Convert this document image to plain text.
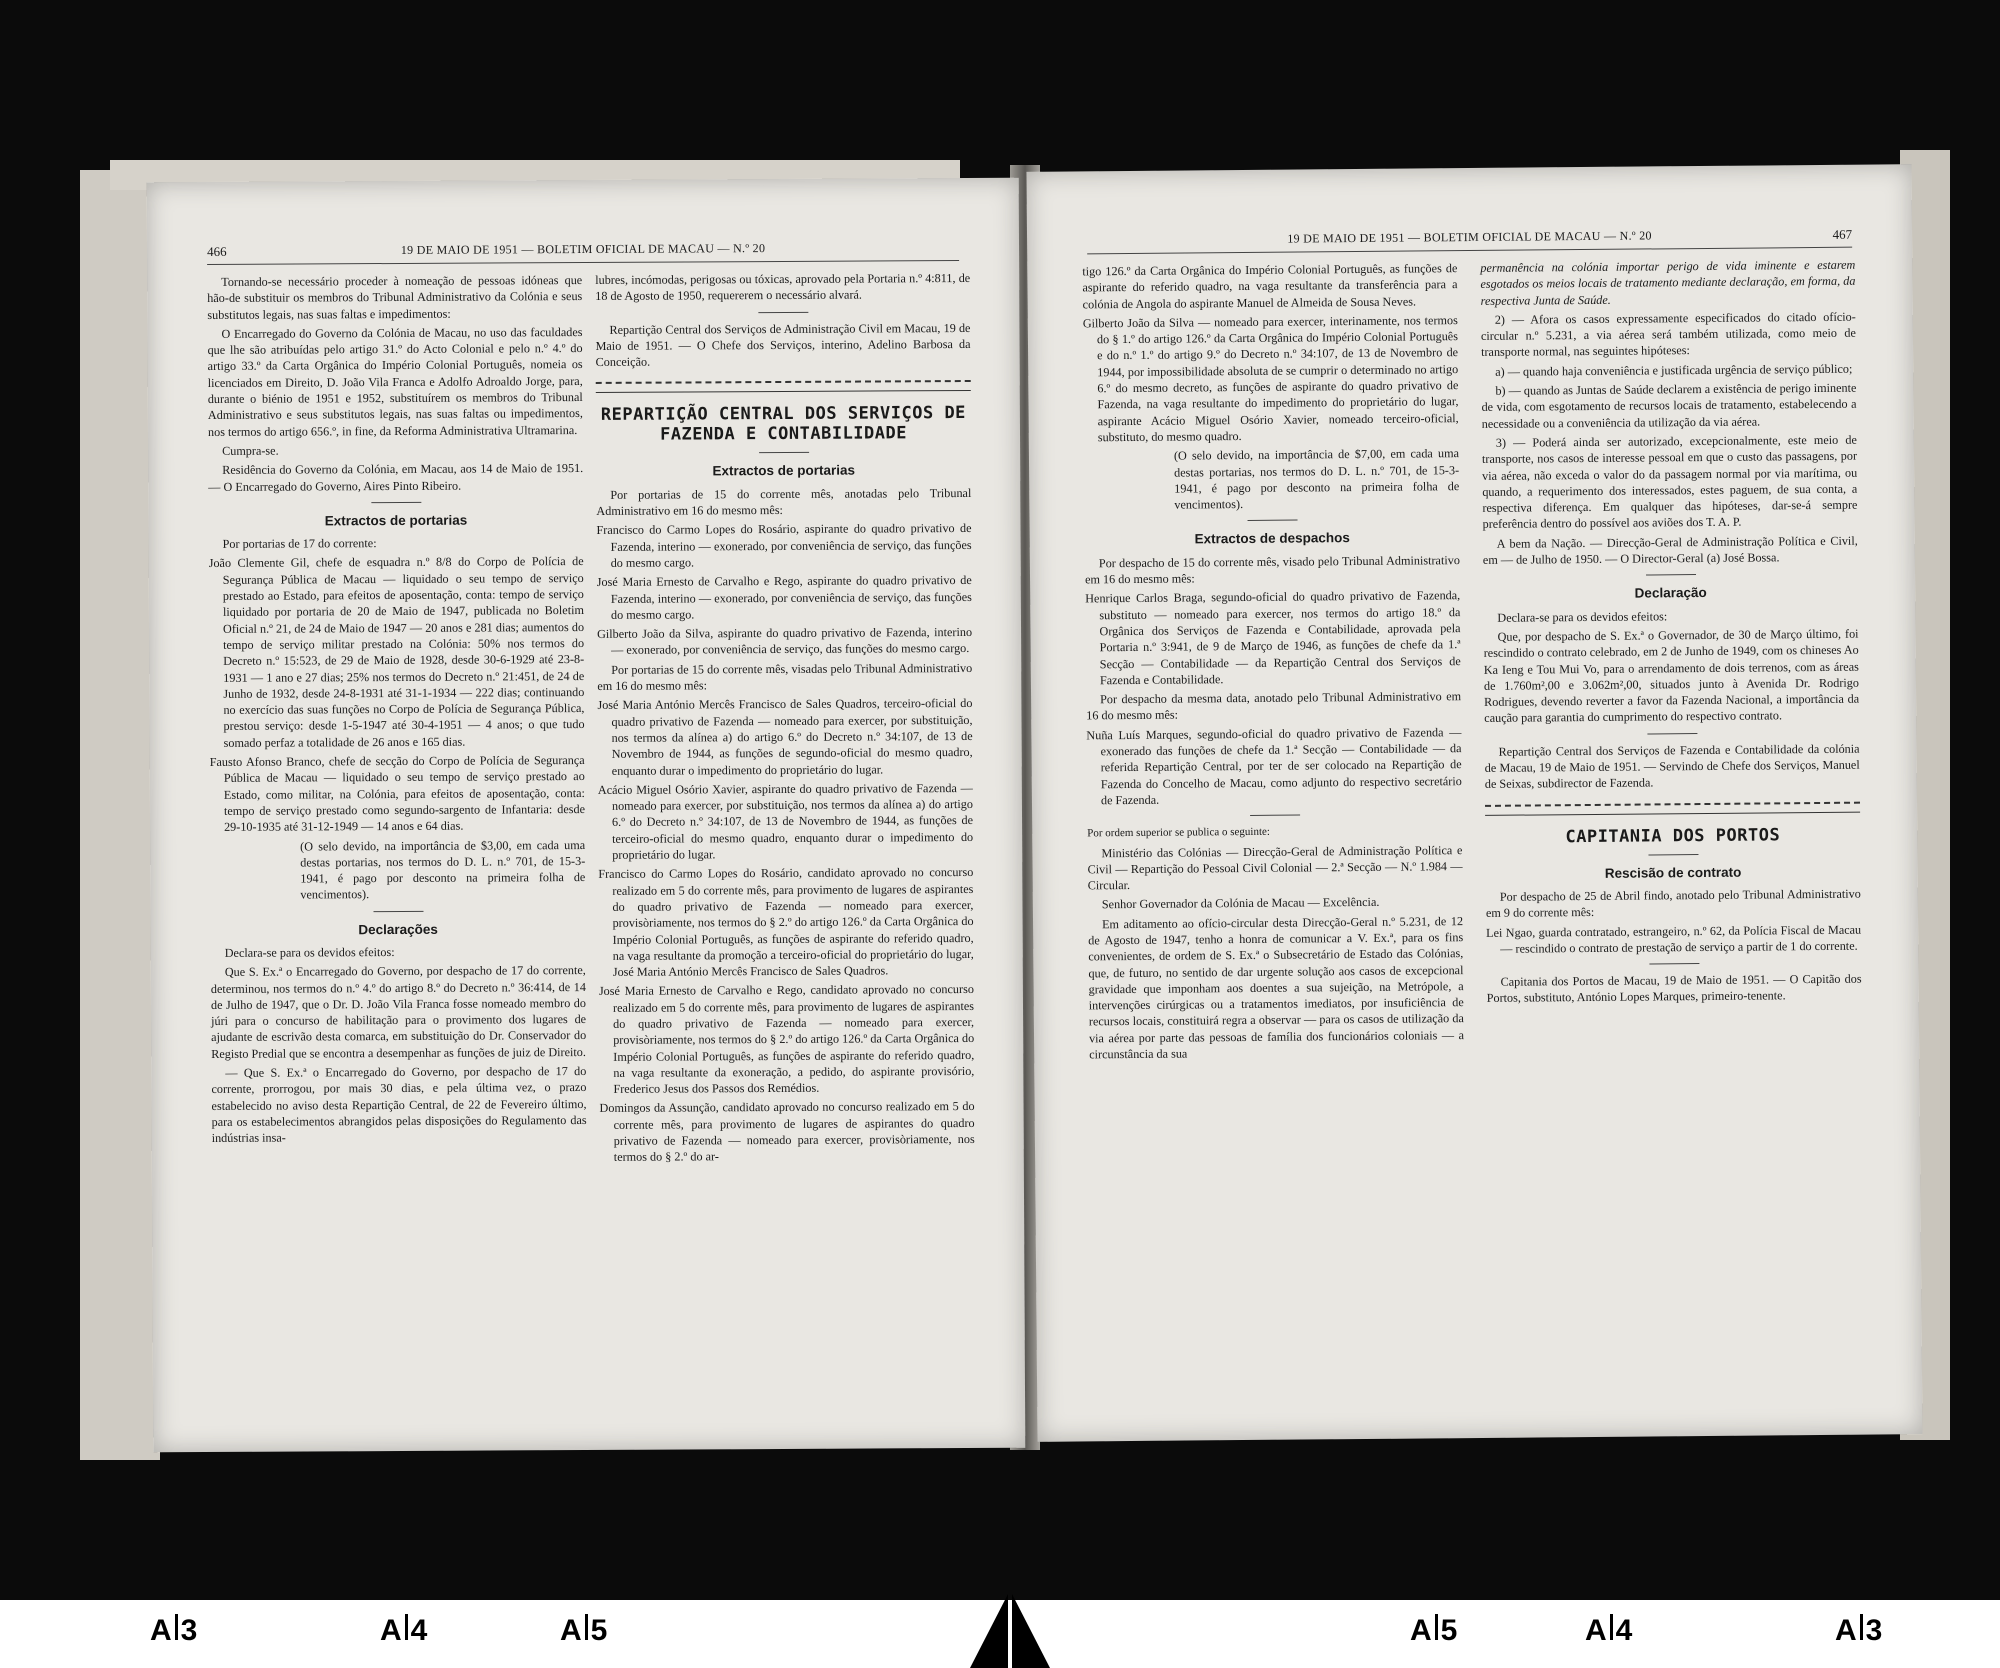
466	19 DE MAIO DE 1951 — BOLETIM OFICIAL DE MACAU — N.º 20

Tornando-se necessário proceder à nomeação de pessoas idóneas que hão-de substituir os membros do Tribunal Administrativo da Colónia e seus substitutos legais, nas suas faltas e impedimentos:

O Encarregado do Governo da Colónia de Macau, no uso das faculdades que lhe são atribuídas pelo artigo 31.º do Acto Colonial e pelo n.º 4.º do artigo 33.º da Carta Orgânica do Império Colonial Português, nomeia os licenciados em Direito, D. João Vila Franca e Adolfo Adroaldo Jorge, para, durante o biénio de 1951 e 1952, substituírem os membros do Tribunal Administrativo e seus substitutos legais, nas suas faltas ou impedimentos, nos termos do artigo 656.º, in fine, da Reforma Administrativa Ultramarina.

Cumpra-se.

Residência do Governo da Colónia, em Macau, aos 14 de Maio de 1951. — O Encarregado do Governo, Aires Pinto Ribeiro.

Extractos de portarias

Por portarias de 17 do corrente:

João Clemente Gil, chefe de esquadra n.º 8/8 do Corpo de Polícia de Segurança Pública de Macau — liquidado o seu tempo de serviço prestado ao Estado, para efeitos de aposentação, conta: tempo de serviço liquidado por portaria de 20 de Maio de 1947, publicada no Boletim Oficial n.º 21, de 24 de Maio de 1947 — 20 anos e 281 dias; aumentos do tempo de serviço militar prestado na Colónia: 50% nos termos do Decreto n.º 15:523, de 29 de Maio de 1928, desde 30-6-1929 até 23-8-1931 — 1 ano e 27 dias; 25% nos termos do Decreto n.º 21:451, de 24 de Junho de 1932, desde 24-8-1931 até 31-1-1934 — 222 dias; continuando no exercício das suas funções no Corpo de Polícia de Segurança Pública, prestou serviço: desde 1-5-1947 até 30-4-1951 — 4 anos; o que tudo somado perfaz a totalidade de 26 anos e 165 dias.

Fausto Afonso Branco, chefe de secção do Corpo de Polícia de Segurança Pública de Macau — liquidado o seu tempo de serviço prestado ao Estado, como militar, na Colónia, para efeitos de aposentação, conta: tempo de serviço prestado como segundo-sargento de Infantaria: desde 29-10-1935 até 31-12-1949 — 14 anos e 64 dias.

(O selo devido, na importância de $3,00, em cada uma destas portarias, nos termos do D. L. n.º 701, de 15-3-1941, é pago por desconto na primeira folha de vencimentos).

Declarações

Declara-se para os devidos efeitos:

Que S. Ex.ª o Encarregado do Governo, por despacho de 17 do corrente, determinou, nos termos do n.º 4.º do artigo 8.º do Decreto n.º 36:414, de 14 de Julho de 1947, que o Dr. D. João Vila Franca fosse nomeado membro do júri para o concurso de habilitação para o provimento dos lugares de ajudante de escrivão desta comarca, em substituição do Dr. Conservador do Registo Predial que se encontra a desempenhar as funções de juiz de Direito.

— Que S. Ex.ª o Encarregado do Governo, por despacho de 17 do corrente, prorrogou, por mais 30 dias, e pela última vez, o prazo estabelecido no aviso desta Repartição Central, de 22 de Fevereiro último, para os estabelecimentos abrangidos pelas disposições do Regulamento das indústrias insa-

lubres, incómodas, perigosas ou tóxicas, aprovado pela Portaria n.º 4:811, de 18 de Agosto de 1950, requererem o necessário alvará.

Repartição Central dos Serviços de Administração Civil em Macau, 19 de Maio de 1951. — O Chefe dos Serviços, interino, Adelino Barbosa da Conceição.

REPARTIÇÃO CENTRAL DOS SERVIÇOS DE FAZENDA E CONTABILIDADE
Extractos de portarias

Por portarias de 15 do corrente mês, anotadas pelo Tribunal Administrativo em 16 do mesmo mês:

Francisco do Carmo Lopes do Rosário, aspirante do quadro privativo de Fazenda, interino — exonerado, por conveniência de serviço, das funções do mesmo cargo.

José Maria Ernesto de Carvalho e Rego, aspirante do quadro privativo de Fazenda, interino — exonerado, por conveniência de serviço, das funções do mesmo cargo.

Gilberto João da Silva, aspirante do quadro privativo de Fazenda, interino — exonerado, por conveniência de serviço, das funções do mesmo cargo.

Por portarias de 15 do corrente mês, visadas pelo Tribunal Administrativo em 16 do mesmo mês:

José Maria António Mercês Francisco de Sales Quadros, terceiro-oficial do quadro privativo de Fazenda — nomeado para exercer, por substituição, nos termos da alínea a) do artigo 6.º do Decreto n.º 34:107, de 13 de Novembro de 1944, as funções de segundo-oficial do mesmo quadro, enquanto durar o impedimento do proprietário do lugar.

Acácio Miguel Osório Xavier, aspirante do quadro privativo de Fazenda — nomeado para exercer, por substituição, nos termos da alínea a) do artigo 6.º do Decreto n.º 34:107, de 13 de Novembro de 1944, as funções de terceiro-oficial do mesmo quadro, enquanto durar o impedimento do proprietário do lugar.

Francisco do Carmo Lopes do Rosário, candidato aprovado no concurso realizado em 5 do corrente mês, para provimento de lugares de aspirantes do quadro privativo de Fazenda — nomeado para exercer, provisòriamente, nos termos do § 2.º do artigo 126.º da Carta Orgânica do Império Colonial Português, as funções de aspirante do referido quadro, na vaga resultante da promoção a terceiro-oficial do proprietário do lugar, José Maria António Mercês Francisco de Sales Quadros.

José Maria Ernesto de Carvalho e Rego, candidato aprovado no concurso realizado em 5 do corrente mês, para provimento de lugares de aspirantes do quadro privativo de Fazenda — nomeado para exercer, provisòriamente, nos termos do § 2.º do artigo 126.º da Carta Orgânica do Império Colonial Português, as funções de aspirante do referido quadro, na vaga resultante da exoneração, a pedido, do aspirante provisório, Frederico Jesus dos Passos dos Remédios.

Domingos da Assunção, candidato aprovado no concurso realizado em 5 do corrente mês, para provimento de lugares de aspirantes do quadro privativo de Fazenda — nomeado para exercer, provisòriamente, nos termos do § 2.º do ar-

19 DE MAIO DE 1951 — BOLETIM OFICIAL DE MACAU — N.º 20	467

tigo 126.º da Carta Orgânica do Império Colonial Português, as funções de aspirante do referido quadro, na vaga resultante da transferência para a colónia de Angola do aspirante Manuel de Almeida de Sousa Neves.

Gilberto João da Silva — nomeado para exercer, interinamente, nos termos do § 1.º do artigo 126.º da Carta Orgânica do Império Colonial Português e do n.º 1.º do artigo 9.º do Decreto n.º 34:107, de 13 de Novembro de 1944, por impossibilidade absoluta de se cumprir o determinado no artigo 6.º do mesmo decreto, as funções de aspirante do quadro privativo de Fazenda, na vaga resultante do impedimento do proprietário do lugar, aspirante Acácio Miguel Osório Xavier, nomeado terceiro-oficial, substituto, do mesmo quadro.

(O selo devido, na importância de $7,00, em cada uma destas portarias, nos termos do D. L. n.º 701, de 15-3-1941, é pago por desconto na primeira folha de vencimentos).

Extractos de despachos

Por despacho de 15 do corrente mês, visado pelo Tribunal Administrativo em 16 do mesmo mês:

Henrique Carlos Braga, segundo-oficial do quadro privativo de Fazenda, substituto — nomeado para exercer, nos termos do artigo 18.º da Orgânica dos Serviços de Fazenda e Contabilidade, aprovada pela Portaria n.º 3:941, de 9 de Março de 1946, as funções de chefe da 1.ª Secção — Contabilidade — da Repartição Central dos Serviços de Fazenda e Contabilidade.

Por despacho da mesma data, anotado pelo Tribunal Administrativo em 16 do mesmo mês:

Nuña Luís Marques, segundo-oficial do quadro privativo de Fazenda — exonerado das funções de chefe da 1.ª Secção — Contabilidade — da referida Repartição Central, por ter de ser colocado na Repartição de Fazenda do Concelho de Macau, como adjunto do respectivo secretário de Fazenda.

Por ordem superior se publica o seguinte:

Ministério das Colónias — Direcção-Geral de Administração Política e Civil — Repartição do Pessoal Civil Colonial — 2.ª Secção — N.º 1.984 — Circular.

Senhor Governador da Colónia de Macau — Excelência.

Em aditamento ao ofício-circular desta Direcção-Geral n.º 5.231, de 12 de Agosto de 1947, tenho a honra de comunicar a V. Ex.ª, para os fins convenientes, de ordem de S. Ex.ª o Subsecretário de Estado das Colónias, que, de futuro, no sentido de dar urgente solução aos casos de excepcional gravidade que imponham aos doentes a sua sujeição, na Metrópole, a intervenções cirúrgicas ou a tratamentos imediatos, por insuficiência de recursos locais, constituirá regra a observar — para os casos de utilização da via aérea por parte das pessoas de família dos funcionários coloniais — a circunstância da sua

permanência na colónia importar perigo de vida iminente e estarem esgotados os meios locais de tratamento mediante declaração, em forma, da respectiva Junta de Saúde.

2) — Afora os casos expressamente especificados do citado ofício-circular n.º 5.231, a via aérea será também utilizada, como meio de transporte normal, nas seguintes hipóteses:

a) — quando haja conveniência e justificada urgência de serviço público;

b) — quando as Juntas de Saúde declarem a existência de perigo iminente de vida, com esgotamento de recursos locais de tratamento, estabelecendo a necessidade ou a conveniência da utilização da via aérea.

3) — Poderá ainda ser autorizado, excepcionalmente, este meio de transporte, nos casos de interesse pessoal em que o custo das passagens, por via aérea, não exceda o valor do da passagem normal por via marítima, ou quando, a requerimento dos interessados, estes paguem, de sua conta, a respectiva diferença. Em qualquer das hipóteses, dar-se-á sempre preferência dentro do possível aos aviões dos T. A. P.

A bem da Nação. — Direcção-Geral de Administração Política e Civil, em — de Julho de 1950. — O Director-Geral (a) José Bossa.

Declaração

Declara-se para os devidos efeitos:

Que, por despacho de S. Ex.ª o Governador, de 30 de Março último, foi rescindido o contrato celebrado, em 2 de Junho de 1949, com os chineses Ao Ka Ieng e Tou Mui Vo, para o arrendamento de dois terrenos, com as áreas de 1.760m²,00 e 3.062m²,00, situados junto à Avenida Dr. Rodrigo Rodrigues, devendo reverter a favor da Fazenda Nacional, a importância da caução para garantia do cumprimento do respectivo contrato.

Repartição Central dos Serviços de Fazenda e Contabilidade da colónia de Macau, 19 de Maio de 1951. — Servindo de Chefe dos Serviços, Manuel de Seixas, subdirector de Fazenda.

CAPITANIA DOS PORTOS
Rescisão de contrato

Por despacho de 25 de Abril findo, anotado pelo Tribunal Administrativo em 9 do corrente mês:

Lei Ngao, guarda contratado, estrangeiro, n.º 62, da Polícia Fiscal de Macau — rescindido o contrato de prestação de serviço a partir de 1 do corrente.

Capitania dos Portos de Macau, 19 de Maio de 1951. — O Capitão dos Portos, substituto, António Lopes Marques, primeiro-tenente.

A 3	A 4	A 5	A 5	A 4	A 3
